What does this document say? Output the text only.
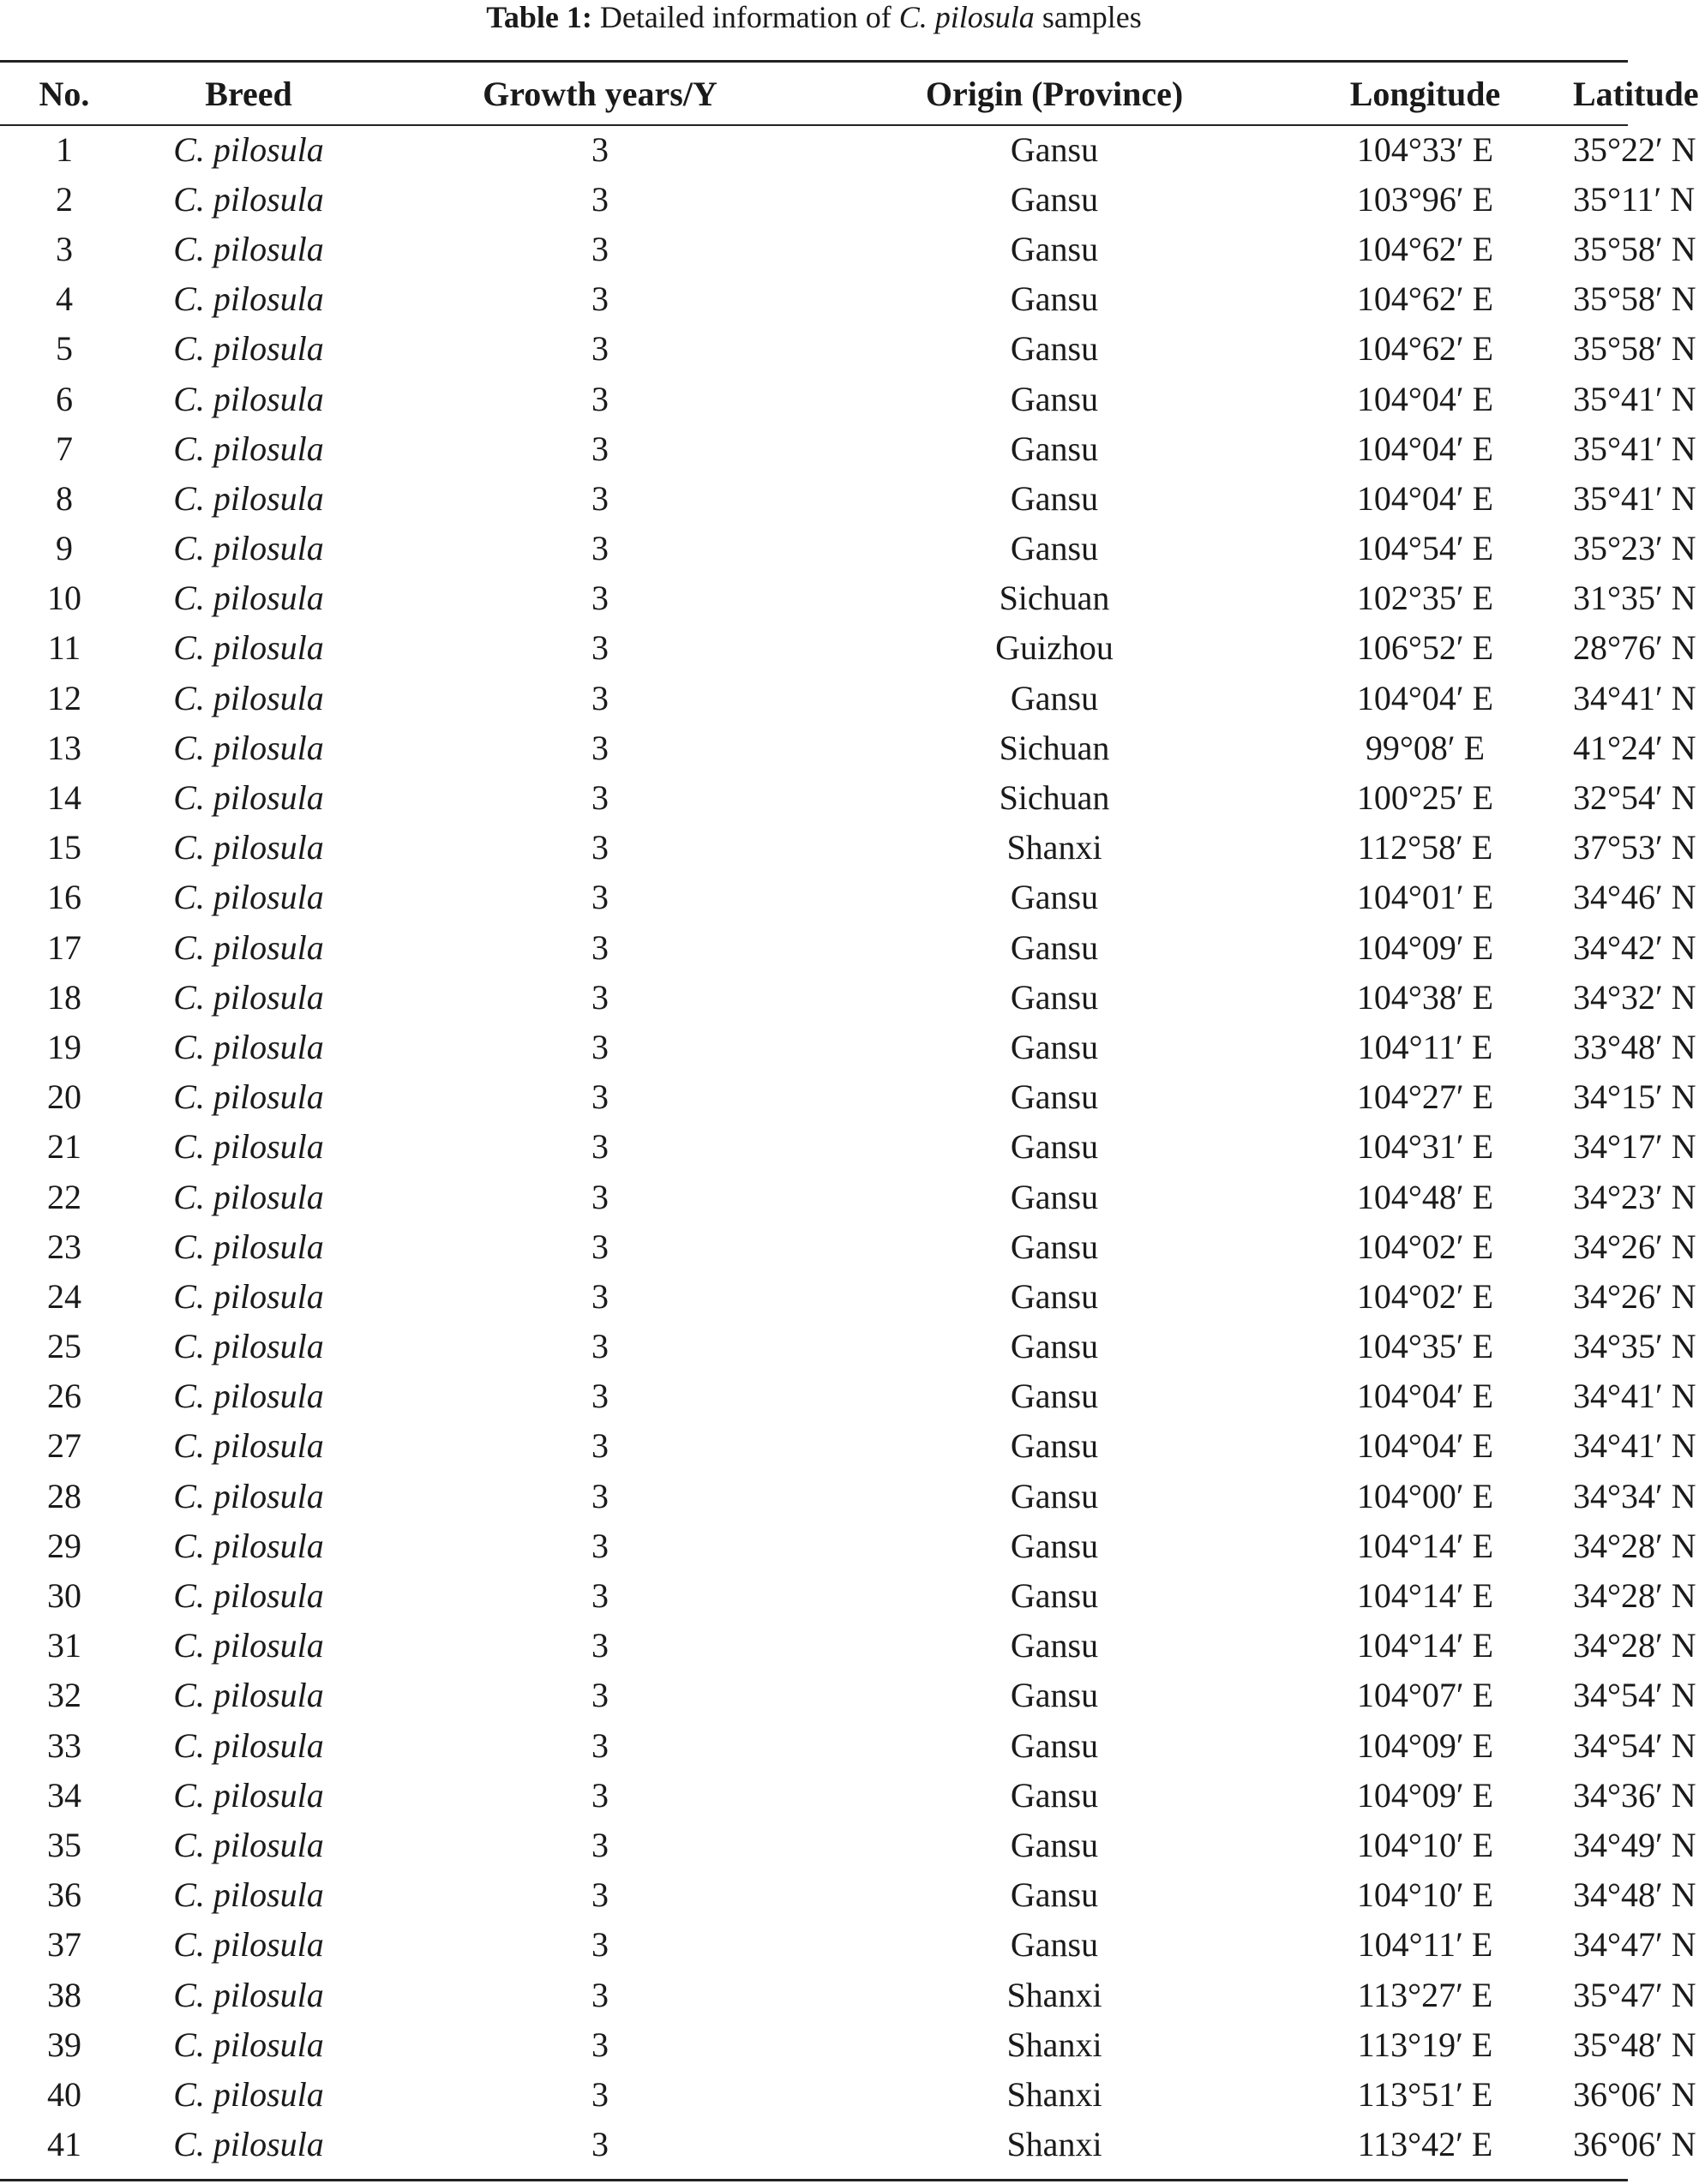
Table 1: Detailed information of C. pilosula samples
No.	Breed	Growth years/Y	Origin (Province)	Longitude	Latitude
1	C. pilosula	3	Gansu	104°33′ E	35°22′ N
2	C. pilosula	3	Gansu	103°96′ E	35°11′ N
3	C. pilosula	3	Gansu	104°62′ E	35°58′ N
4	C. pilosula	3	Gansu	104°62′ E	35°58′ N
5	C. pilosula	3	Gansu	104°62′ E	35°58′ N
6	C. pilosula	3	Gansu	104°04′ E	35°41′ N
7	C. pilosula	3	Gansu	104°04′ E	35°41′ N
8	C. pilosula	3	Gansu	104°04′ E	35°41′ N
9	C. pilosula	3	Gansu	104°54′ E	35°23′ N
10	C. pilosula	3	Sichuan	102°35′ E	31°35′ N
11	C. pilosula	3	Guizhou	106°52′ E	28°76′ N
12	C. pilosula	3	Gansu	104°04′ E	34°41′ N
13	C. pilosula	3	Sichuan	99°08′ E	41°24′ N
14	C. pilosula	3	Sichuan	100°25′ E	32°54′ N
15	C. pilosula	3	Shanxi	112°58′ E	37°53′ N
16	C. pilosula	3	Gansu	104°01′ E	34°46′ N
17	C. pilosula	3	Gansu	104°09′ E	34°42′ N
18	C. pilosula	3	Gansu	104°38′ E	34°32′ N
19	C. pilosula	3	Gansu	104°11′ E	33°48′ N
20	C. pilosula	3	Gansu	104°27′ E	34°15′ N
21	C. pilosula	3	Gansu	104°31′ E	34°17′ N
22	C. pilosula	3	Gansu	104°48′ E	34°23′ N
23	C. pilosula	3	Gansu	104°02′ E	34°26′ N
24	C. pilosula	3	Gansu	104°02′ E	34°26′ N
25	C. pilosula	3	Gansu	104°35′ E	34°35′ N
26	C. pilosula	3	Gansu	104°04′ E	34°41′ N
27	C. pilosula	3	Gansu	104°04′ E	34°41′ N
28	C. pilosula	3	Gansu	104°00′ E	34°34′ N
29	C. pilosula	3	Gansu	104°14′ E	34°28′ N
30	C. pilosula	3	Gansu	104°14′ E	34°28′ N
31	C. pilosula	3	Gansu	104°14′ E	34°28′ N
32	C. pilosula	3	Gansu	104°07′ E	34°54′ N
33	C. pilosula	3	Gansu	104°09′ E	34°54′ N
34	C. pilosula	3	Gansu	104°09′ E	34°36′ N
35	C. pilosula	3	Gansu	104°10′ E	34°49′ N
36	C. pilosula	3	Gansu	104°10′ E	34°48′ N
37	C. pilosula	3	Gansu	104°11′ E	34°47′ N
38	C. pilosula	3	Shanxi	113°27′ E	35°47′ N
39	C. pilosula	3	Shanxi	113°19′ E	35°48′ N
40	C. pilosula	3	Shanxi	113°51′ E	36°06′ N
41	C. pilosula	3	Shanxi	113°42′ E	36°06′ N
